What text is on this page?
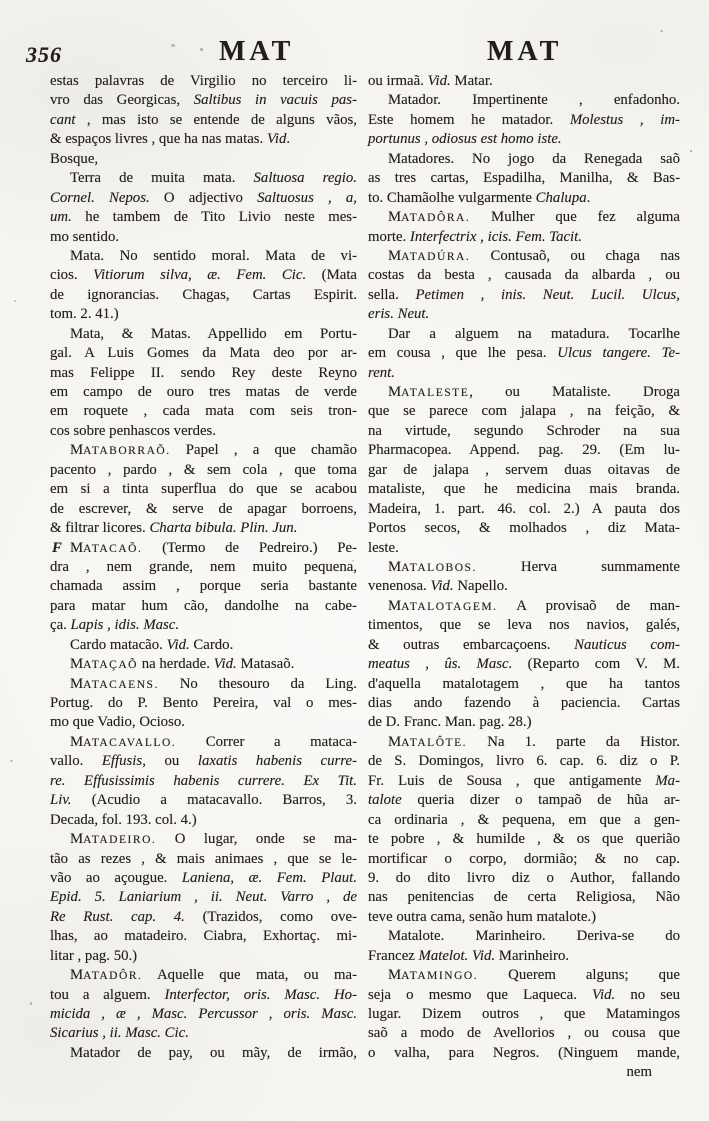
356	MAT	MAT
estas palavras de Virgilio no terceiro li-
vro das Georgicas, Saltibus in vacuis pas-
cant , mas isto se entende de alguns vãos,
& espaços livres , que ha nas matas. Vid.
Bosque,
Terra de muita mata. Saltuosa regio.
Cornel. Nepos. O adjectivo Saltuosus , a,
um. he tambem de Tito Livio neste mes-
mo sentido.
Mata. No sentido moral. Mata de vi-
cios. Vitiorum silva, æ. Fem. Cic. (Mata
de ignorancias. Chagas, Cartas Espirit.
tom. 2. 41.)
Mata, & Matas. Appellido em Portu-
gal. A Luis Gomes da Mata deo por ar-
mas Felippe II. sendo Rey deste Reyno
em campo de ouro tres matas de verde
em roquete , cada mata com seis tron-
cos sobre penhascos verdes.
MATABORRAÕ. Papel , a que chamão
pacento , pardo , & sem cola , que toma
em si a tinta superflua do que se acabou
de escrever, & serve de apagar borroens,
& filtrar licores. Charta bibula. Plin. Jun.
F MATACAÕ. (Termo de Pedreiro.) Pe-
dra , nem grande, nem muito pequena,
chamada assim , porque seria bastante
para matar hum cão, dandolhe na cabe-
ça. Lapis , idis. Masc.
Cardo matacão. Vid. Cardo.
MATAÇAÕ na herdade. Vid. Matasaõ.
MATACAENS. No thesouro da Ling.
Portug. do P. Bento Pereira, val o mes-
mo que Vadio, Ocioso.
MATACAVALLO. Correr a mataca-
vallo. Effusis, ou laxatis habenis curre-
re. Effusissimis habenis currere. Ex Tit.
Liv. (Acudio a matacavallo. Barros, 3.
Decada, fol. 193. col. 4.)
MATADEIRO. O lugar, onde se ma-
tão as rezes , & mais animaes , que se le-
vão ao açougue. Laniena, æ. Fem. Plaut.
Epid. 5. Laniarium , ii. Neut. Varro , de
Re Rust. cap. 4. (Trazidos, como ove-
lhas, ao matadeiro. Ciabra, Exhortaç. mi-
litar , pag. 50.)
MATADÔR. Aquelle que mata, ou ma-
tou a alguem. Interfector, oris. Masc. Ho-
micida , æ , Masc. Percussor , oris. Masc.
Sicarius , ii. Masc. Cic.
Matador de pay, ou mãy, de irmão,
ou irmaã. Vid. Matar.
Matador. Impertinente , enfadonho.
Este homem he matador. Molestus , im-
portunus , odiosus est homo iste.
Matadores. No jogo da Renegada saõ
as tres cartas, Espadilha, Manilha, & Bas-
to. Chamãolhe vulgarmente Chalupa.
MATADÔRA. Mulher que fez alguma
morte. Interfectrix , icis. Fem. Tacit.
MATADÚRA. Contusaõ, ou chaga nas
costas da besta , causada da albarda , ou
sella. Petimen , inis. Neut. Lucil. Ulcus,
eris. Neut.
Dar a alguem na matadura. Tocarlhe
em cousa , que lhe pesa. Ulcus tangere. Te-
rent.
MATALESTE, ou Mataliste. Droga
que se parece com jalapa , na feição, &
na virtude, segundo Schroder na sua
Pharmacopea. Append. pag. 29. (Em lu-
gar de jalapa , servem duas oitavas de
mataliste, que he medicina mais branda.
Madeira, 1. part. 46. col. 2.) A pauta dos
Portos secos, & molhados , diz Mata-
leste.
MATALOBOS. Herva summamente
venenosa. Vid. Napello.
MATALOTAGEM. A provisaõ de man-
timentos, que se leva nos navios, galés,
& outras embarcaçoens. Nauticus com-
meatus , ûs. Masc. (Reparto com V. M.
d'aquella matalotagem , que ha tantos
dias ando fazendo à paciencia. Cartas
de D. Franc. Man. pag. 28.)
MATALÔTE. Na 1. parte da Histor.
de S. Domingos, livro 6. cap. 6. diz o P.
Fr. Luis de Sousa , que antigamente Ma-
talote queria dizer o tampaõ de hũa ar-
ca ordinaria , & pequena, em que a gen-
te pobre , & humilde , & os que querião
mortificar o corpo, dormião; & no cap.
9. do dito livro diz o Author, fallando
nas penitencias de certa Religiosa, Não
teve outra cama, senão hum matalote.)
Matalote. Marinheiro. Deriva-se do
Francez Matelot. Vid. Marinheiro.
MATAMINGO. Querem alguns; que
seja o mesmo que Laqueca. Vid. no seu
lugar. Dizem outros , que Matamingos
saõ a modo de Avellorios , ou cousa que
o valha, para Negros. (Ninguem mande,
nem
